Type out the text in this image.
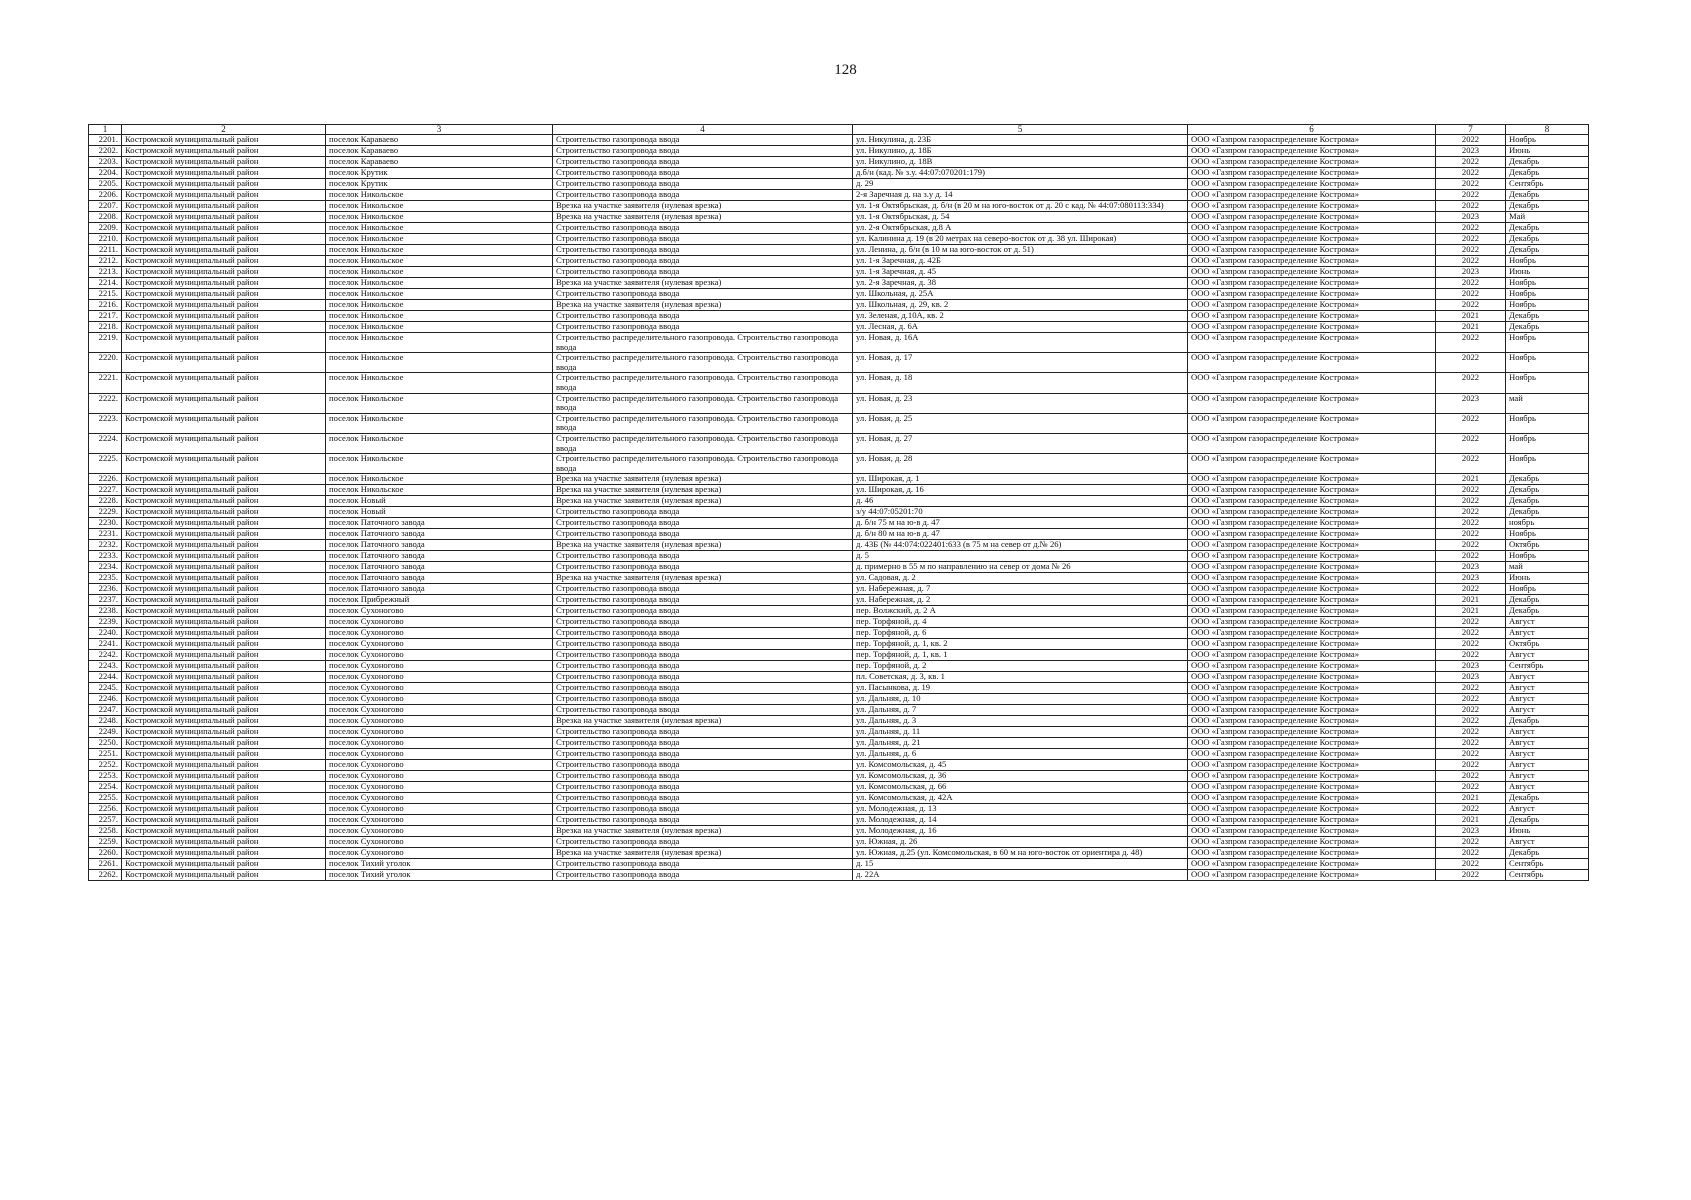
128
1	2	3	4	5	6	7	8
2201.	Костромской муниципальный район	поселок Караваево	Строительство газопровода ввода	ул. Никулина, д. 23Б	ООО «Газпром газораспределение Кострома»	2022	Ноябрь
2202.	Костромской муниципальный район	поселок Караваево	Строительство газопровода ввода	ул. Никулино, д. 18Б	ООО «Газпром газораспределение Кострома»	2023	Июнь
2203.	Костромской муниципальный район	поселок Караваево	Строительство газопровода ввода	ул. Никулино, д. 18В	ООО «Газпром газораспределение Кострома»	2022	Декабрь
2204.	Костромской муниципальный район	поселок Крутик	Строительство газопровода ввода	д.б/н (кад. № з.у. 44:07:070201:179)	ООО «Газпром газораспределение Кострома»	2022	Декабрь
2205.	Костромской муниципальный район	поселок Крутик	Строительство газопровода ввода	д. 29	ООО «Газпром газораспределение Кострома»	2022	Сентябрь
2206.	Костромской муниципальный район	поселок Никольское	Строительство газопровода ввода	2-я Заречная д. на з.у д. 14	ООО «Газпром газораспределение Кострома»	2022	Декабрь
2207.	Костромской муниципальный район	поселок Никольское	Врезка на участке заявителя (нулевая врезка)	ул. 1-я Октябрьская, д. б/н (в 20 м на юго-восток от д. 20 с кад. № 44:07:080113:334)	ООО «Газпром газораспределение Кострома»	2022	Декабрь
2208.	Костромской муниципальный район	поселок Никольское	Врезка на участке заявителя (нулевая врезка)	ул. 1-я Октябрьская, д. 54	ООО «Газпром газораспределение Кострома»	2023	Май
2209.	Костромской муниципальный район	поселок Никольское	Строительство газопровода ввода	ул. 2-я Октябрьская, д.8 А	ООО «Газпром газораспределение Кострома»	2022	Декабрь
2210.	Костромской муниципальный район	поселок Никольское	Строительство газопровода ввода	ул. Калинина д. 19 (в 20 метрах на северо-восток от д. 38 ул. Широкая)	ООО «Газпром газораспределение Кострома»	2022	Декабрь
2211.	Костромской муниципальный район	поселок Никольское	Строительство газопровода ввода	ул. Ленина, д. б/н (в 10 м на юго-восток от д. 51)	ООО «Газпром газораспределение Кострома»	2022	Декабрь
2212.	Костромской муниципальный район	поселок Никольское	Строительство газопровода ввода	ул. 1-я Заречная, д. 42Б	ООО «Газпром газораспределение Кострома»	2022	Ноябрь
2213.	Костромской муниципальный район	поселок Никольское	Строительство газопровода ввода	ул. 1-я Заречная, д. 45	ООО «Газпром газораспределение Кострома»	2023	Июнь
2214.	Костромской муниципальный район	поселок Никольское	Врезка на участке заявителя (нулевая врезка)	ул. 2-я Заречная, д. 38	ООО «Газпром газораспределение Кострома»	2022	Ноябрь
2215.	Костромской муниципальный район	поселок Никольское	Строительство газопровода ввода	ул. Школьная, д. 25А	ООО «Газпром газораспределение Кострома»	2022	Ноябрь
2216.	Костромской муниципальный район	поселок Никольское	Врезка на участке заявителя (нулевая врезка)	ул. Школьная, д. 29, кв. 2	ООО «Газпром газораспределение Кострома»	2022	Ноябрь
2217.	Костромской муниципальный район	поселок Никольское	Строительство газопровода ввода	ул. Зеленая, д.10А, кв. 2	ООО «Газпром газораспределение Кострома»	2021	Декабрь
2218.	Костромской муниципальный район	поселок Никольское	Строительство газопровода ввода	ул. Лесная, д. 6А	ООО «Газпром газораспределение Кострома»	2021	Декабрь
2219.	Костромской муниципальный район	поселок Никольское	Строительство распределительного газопровода. Строительство газопровода ввода	ул. Новая, д. 16А	ООО «Газпром газораспределение Кострома»	2022	Ноябрь
2220.	Костромской муниципальный район	поселок Никольское	Строительство распределительного газопровода. Строительство газопровода ввода	ул. Новая, д. 17	ООО «Газпром газораспределение Кострома»	2022	Ноябрь
2221.	Костромской муниципальный район	поселок Никольское	Строительство распределительного газопровода. Строительство газопровода ввода	ул. Новая, д. 18	ООО «Газпром газораспределение Кострома»	2022	Ноябрь
2222.	Костромской муниципальный район	поселок Никольское	Строительство распределительного газопровода. Строительство газопровода ввода	ул. Новая, д. 23	ООО «Газпром газораспределение Кострома»	2023	май
2223.	Костромской муниципальный район	поселок Никольское	Строительство распределительного газопровода. Строительство газопровода ввода	ул. Новая, д. 25	ООО «Газпром газораспределение Кострома»	2022	Ноябрь
2224.	Костромской муниципальный район	поселок Никольское	Строительство распределительного газопровода. Строительство газопровода ввода	ул. Новая, д. 27	ООО «Газпром газораспределение Кострома»	2022	Ноябрь
2225.	Костромской муниципальный район	поселок Никольское	Строительство распределительного газопровода. Строительство газопровода ввода	ул. Новая, д. 28	ООО «Газпром газораспределение Кострома»	2022	Ноябрь
2226.	Костромской муниципальный район	поселок Никольское	Врезка на участке заявителя (нулевая врезка)	ул. Широкая, д. 1	ООО «Газпром газораспределение Кострома»	2021	Декабрь
2227.	Костромской муниципальный район	поселок Никольское	Врезка на участке заявителя (нулевая врезка)	ул. Широкая, д. 16	ООО «Газпром газораспределение Кострома»	2022	Декабрь
2228.	Костромской муниципальный район	поселок Новый	Врезка на участке заявителя (нулевая врезка)	д. 46	ООО «Газпром газораспределение Кострома»	2022	Декабрь
2229.	Костромской муниципальный район	поселок Новый	Строительство газопровода ввода	з/у 44:07:05201:70	ООО «Газпром газораспределение Кострома»	2022	Декабрь
2230.	Костромской муниципальный район	поселок Паточного завода	Строительство газопровода ввода	д. б/н 75 м на ю-в д. 47	ООО «Газпром газораспределение Кострома»	2022	ноябрь
2231.	Костромской муниципальный район	поселок Паточного завода	Строительство газопровода ввода	д. б/н 80 м на ю-в д. 47	ООО «Газпром газораспределение Кострома»	2022	Ноябрь
2232.	Костромской муниципальный район	поселок Паточного завода	Врезка на участке заявителя (нулевая врезка)	д. 43Б (№ 44:074:022401:633 (в 75 м на север от д.№ 26)	ООО «Газпром газораспределение Кострома»	2022	Октябрь
2233.	Костромской муниципальный район	поселок Паточного завода	Строительство газопровода ввода	д. 5	ООО «Газпром газораспределение Кострома»	2022	Ноябрь
2234.	Костромской муниципальный район	поселок Паточного завода	Строительство газопровода ввода	д. примерно в 55 м по направлению на север от дома № 26	ООО «Газпром газораспределение Кострома»	2023	май
2235.	Костромской муниципальный район	поселок Паточного завода	Врезка на участке заявителя (нулевая врезка)	ул. Садовая, д. 2	ООО «Газпром газораспределение Кострома»	2023	Июнь
2236.	Костромской муниципальный район	поселок Паточного завода	Строительство газопровода ввода	ул. Набережная, д. 7	ООО «Газпром газораспределение Кострома»	2022	Ноябрь
2237.	Костромской муниципальный район	поселок Прибрежный	Строительство газопровода ввода	ул. Набережная, д. 2	ООО «Газпром газораспределение Кострома»	2021	Декабрь
2238.	Костромской муниципальный район	поселок Сухоногово	Строительство газопровода ввода	пер. Волжский, д. 2 А	ООО «Газпром газораспределение Кострома»	2021	Декабрь
2239.	Костромской муниципальный район	поселок Сухоногово	Строительство газопровода ввода	пер. Торфяной, д. 4	ООО «Газпром газораспределение Кострома»	2022	Август
2240.	Костромской муниципальный район	поселок Сухоногово	Строительство газопровода ввода	пер. Торфяной, д. 6	ООО «Газпром газораспределение Кострома»	2022	Август
2241.	Костромской муниципальный район	поселок Сухоногово	Строительство газопровода ввода	пер. Торфяной, д. 1, кв. 2	ООО «Газпром газораспределение Кострома»	2022	Октябрь
2242.	Костромской муниципальный район	поселок Сухоногово	Строительство газопровода ввода	пер. Торфяной, д. 1, кв. 1	ООО «Газпром газораспределение Кострома»	2022	Август
2243.	Костромской муниципальный район	поселок Сухоногово	Строительство газопровода ввода	пер. Торфяной, д. 2	ООО «Газпром газораспределение Кострома»	2023	Сентябрь
2244.	Костромской муниципальный район	поселок Сухоногово	Строительство газопровода ввода	пл. Советская, д. 3, кв. 1	ООО «Газпром газораспределение Кострома»	2023	Август
2245.	Костромской муниципальный район	поселок Сухоногово	Строительство газопровода ввода	ул. Пасынкова, д. 19	ООО «Газпром газораспределение Кострома»	2022	Август
2246.	Костромской муниципальный район	поселок Сухоногово	Строительство газопровода ввода	ул. Дальняя, д. 10	ООО «Газпром газораспределение Кострома»	2022	Август
2247.	Костромской муниципальный район	поселок Сухоногово	Строительство газопровода ввода	ул. Дальняя, д. 7	ООО «Газпром газораспределение Кострома»	2022	Август
2248.	Костромской муниципальный район	поселок Сухоногово	Врезка на участке заявителя (нулевая врезка)	ул. Дальняя, д. 3	ООО «Газпром газораспределение Кострома»	2022	Декабрь
2249.	Костромской муниципальный район	поселок Сухоногово	Строительство газопровода ввода	ул. Дальняя, д. 11	ООО «Газпром газораспределение Кострома»	2022	Август
2250.	Костромской муниципальный район	поселок Сухоногово	Строительство газопровода ввода	ул. Дальняя, д. 21	ООО «Газпром газораспределение Кострома»	2022	Август
2251.	Костромской муниципальный район	поселок Сухоногово	Строительство газопровода ввода	ул. Дальняя, д. 6	ООО «Газпром газораспределение Кострома»	2022	Август
2252.	Костромской муниципальный район	поселок Сухоногово	Строительство газопровода ввода	ул. Комсомольская, д. 45	ООО «Газпром газораспределение Кострома»	2022	Август
2253.	Костромской муниципальный район	поселок Сухоногово	Строительство газопровода ввода	ул. Комсомольская, д. 36	ООО «Газпром газораспределение Кострома»	2022	Август
2254.	Костромской муниципальный район	поселок Сухоногово	Строительство газопровода ввода	ул. Комсомольская, д. 66	ООО «Газпром газораспределение Кострома»	2022	Август
2255.	Костромской муниципальный район	поселок Сухоногово	Строительство газопровода ввода	ул. Комсомольская, д. 42А	ООО «Газпром газораспределение Кострома»	2021	Декабрь
2256.	Костромской муниципальный район	поселок Сухоногово	Строительство газопровода ввода	ул. Молодежная, д. 13	ООО «Газпром газораспределение Кострома»	2022	Август
2257.	Костромской муниципальный район	поселок Сухоногово	Строительство газопровода ввода	ул. Молодежная, д. 14	ООО «Газпром газораспределение Кострома»	2021	Декабрь
2258.	Костромской муниципальный район	поселок Сухоногово	Врезка на участке заявителя (нулевая врезка)	ул. Молодежная, д. 16	ООО «Газпром газораспределение Кострома»	2023	Июнь
2259.	Костромской муниципальный район	поселок Сухоногово	Строительство газопровода ввода	ул. Южная, д. 26	ООО «Газпром газораспределение Кострома»	2022	Август
2260.	Костромской муниципальный район	поселок Сухоногово	Врезка на участке заявителя (нулевая врезка)	ул. Южная, д.25 (ул. Комсомольская, в 60 м на юго-восток от ориентира д. 48)	ООО «Газпром газораспределение Кострома»	2022	Декабрь
2261.	Костромской муниципальный район	поселок Тихий уголок	Строительство газопровода ввода	д. 15	ООО «Газпром газораспределение Кострома»	2022	Сентябрь
2262.	Костромской муниципальный район	поселок Тихий уголок	Строительство газопровода ввода	д. 22А	ООО «Газпром газораспределение Кострома»	2022	Сентябрь
